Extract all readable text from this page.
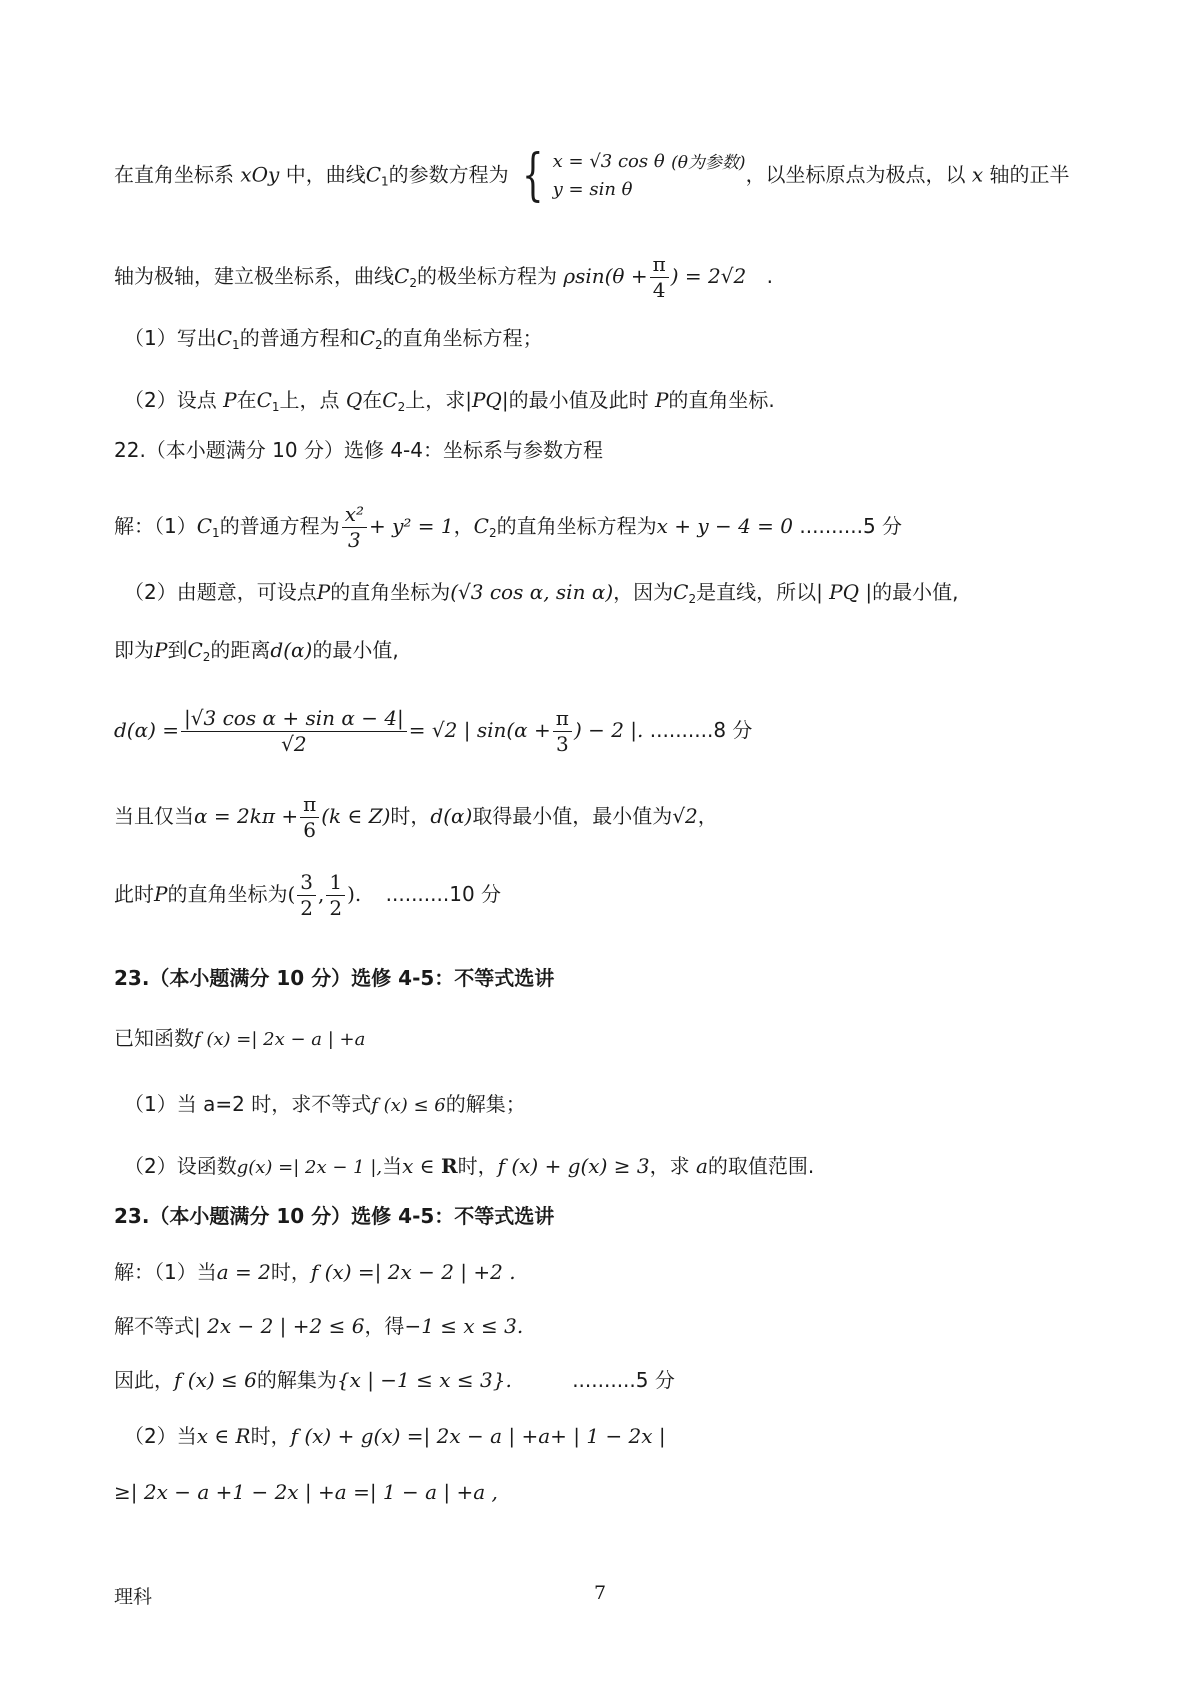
在直角坐标系 xOy 中，曲线$C_1$的参数方程为 { x = √3 cos θ
y = sin θ
$^{(\theta 为参数)}$，以坐标原点为极点，以 x 轴的正半
轴为极轴，建立极坐标系，曲线$C_2$的极坐标方程为 $\rho\sin(\theta + \frac{\pi}{4}$ ) = 2√2 .
（1）写出$C_1$的普通方程和$C_2$的直角坐标方程；
（2）设点 P在$C_1$上，点 Q在$C_2$上，求|PQ|的最小值及此时 P的直角坐标.
22.（本小题满分 10 分）选修 4-4：坐标系与参数方程
解：$(1)C_1$的普通方程为 $\frac{\text{x²}}{3} + y^2 = 1$，$C_2$的直角坐标方程为x + y − 4 = 0 ..........5 分
（2）由题意，可设点P的直角坐标为(√3 cos α, sin α)，因为$C_2$是直线，所以| PQ |的最小值,
即为P到$C_2$的距离d(α)的最小值,
$d(\alpha) = \frac{\text{|√3 cos α + sin α − 4|}}{√2} = √2$ | $\sin(\alpha + \frac{\pi}{3}$ ) − 2 |. ..........8 分
当且仅当$\alpha = 2k\pi + \frac{\pi}{6} (k$ ∈ Z)时，d(α)取得最小值，最小值为√2，
此时P的直角坐标为( $\frac{3}{2}$ , $\frac{1}{2}$ ). ..........10 分
23.（本小题满分 10 分）选修 4-5：不等式选讲
已知函数f (x) =| 2x − a | +a
（1）当 a=2 时，求不等式f (x) ≤ 6的解集；
（2）设函数g(x) =| 2x − 1 |,当x ∈ R时，f (x) + g(x) ≥ 3，求 a的取值范围.
23.（本小题满分 10 分）选修 4-5：不等式选讲
解：（1）当a = 2时，f (x) =| 2x − 2 | +2 .
解不等式| 2x − 2 | +2 ≤ 6，得−1 ≤ x ≤ 3.
因此，f (x) ≤ 6的解集为{x | −1 ≤ x ≤ 3}.	..........5 分
（2）当x ∈ R时，f (x) + g(x) =| 2x − a | +a+ | 1 − 2x |
≥| 2x − a +1 − 2x | +a =| 1 − a | +a ,
理科	7
